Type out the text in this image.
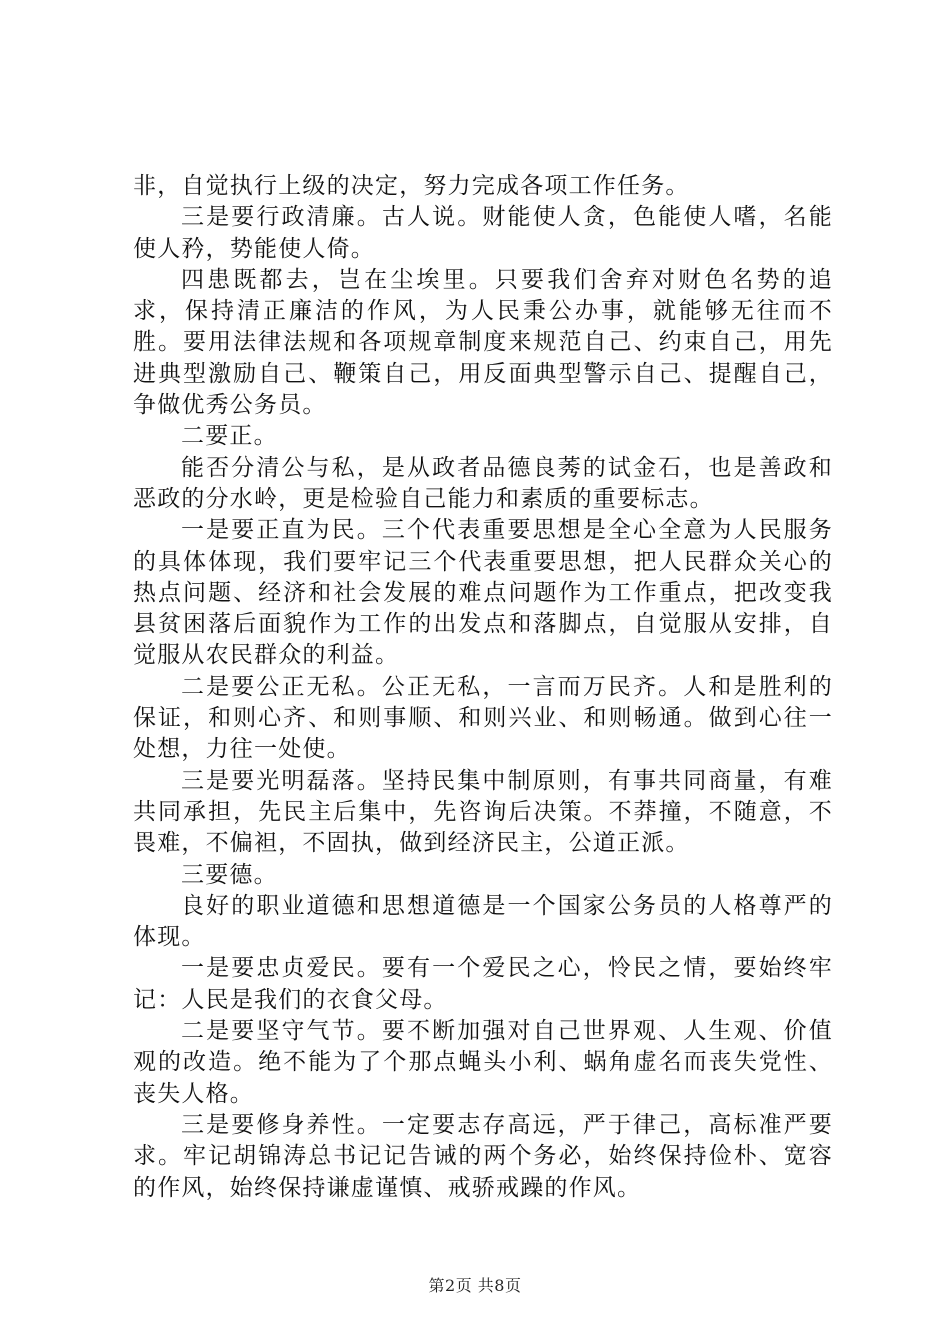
非，自觉执行上级的决定，努力完成各项工作任务。

三是要行政清廉。古人说。财能使人贪，色能使人嗜，名能使人矜，势能使人倚。

四患既都去，岂在尘埃里。只要我们舍弃对财色名势的追求，保持清正廉洁的作风，为人民秉公办事，就能够无往而不胜。要用法律法规和各项规章制度来规范自己、约束自己，用先进典型激励自己、鞭策自己，用反面典型警示自己、提醒自己，争做优秀公务员。

二要正。

能否分清公与私，是从政者品德良莠的试金石，也是善政和恶政的分水岭，更是检验自己能力和素质的重要标志。

一是要正直为民。三个代表重要思想是全心全意为人民服务的具体体现，我们要牢记三个代表重要思想，把人民群众关心的热点问题、经济和社会发展的难点问题作为工作重点，把改变我县贫困落后面貌作为工作的出发点和落脚点，自觉服从安排，自觉服从农民群众的利益。

二是要公正无私。公正无私，一言而万民齐。人和是胜利的保证，和则心齐、和则事顺、和则兴业、和则畅通。做到心往一处想，力往一处使。

三是要光明磊落。坚持民集中制原则，有事共同商量，有难共同承担，先民主后集中，先咨询后决策。不莽撞，不随意，不畏难，不偏袒，不固执，做到经济民主，公道正派。

三要德。

良好的职业道德和思想道德是一个国家公务员的人格尊严的体现。

一是要忠贞爱民。要有一个爱民之心，怜民之情，要始终牢记：人民是我们的衣食父母。

二是要坚守气节。要不断加强对自己世界观、人生观、价值观的改造。绝不能为了个那点蝇头小利、蜗角虚名而丧失党性、丧失人格。

三是要修身养性。一定要志存高远，严于律己，高标准严要求。牢记胡锦涛总书记记告诫的两个务必，始终保持俭朴、宽容的作风，始终保持谦虚谨慎、戒骄戒躁的作风。

第2页 共8页
